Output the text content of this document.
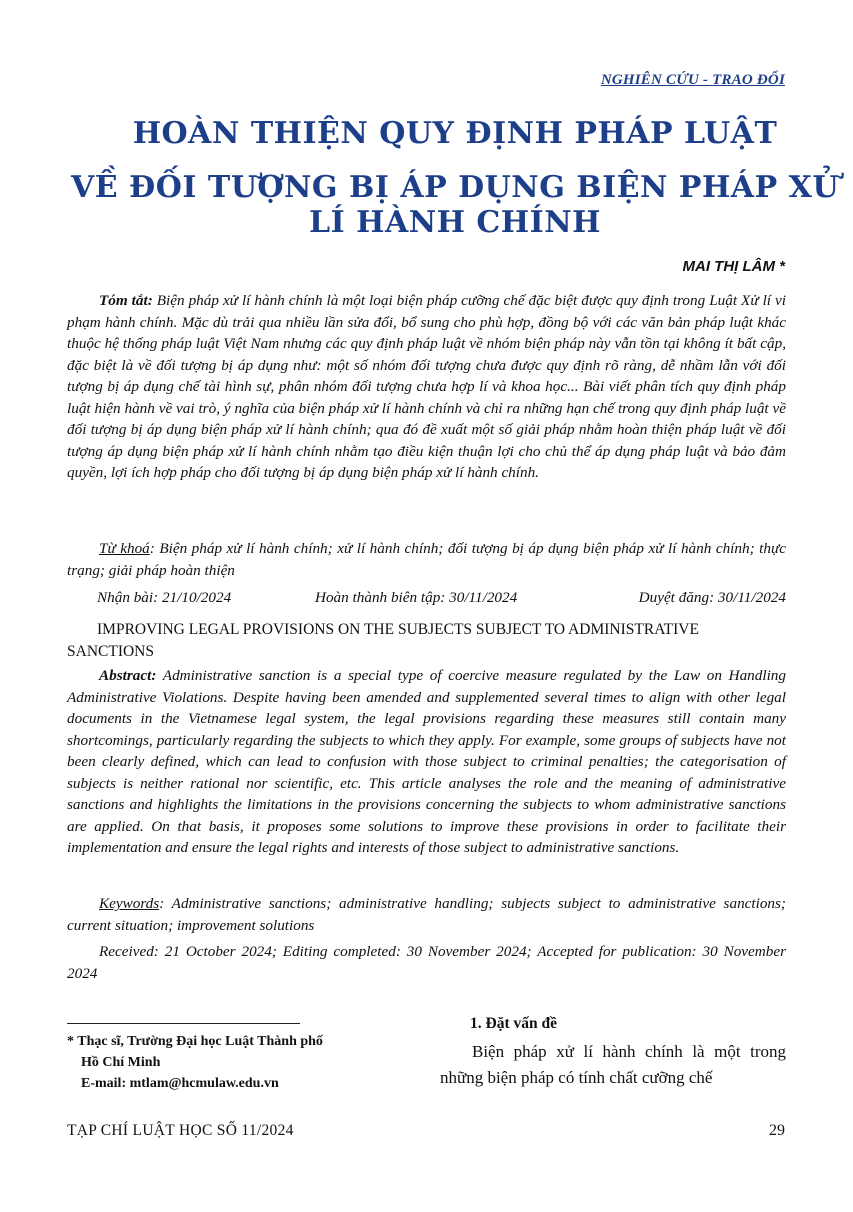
NGHIÊN CỨU - TRAO ĐỔI
HOÀN THIỆN QUY ĐỊNH PHÁP LUẬT
VỀ ĐỐI TƯỢNG BỊ ÁP DỤNG BIỆN PHÁP XỬ LÍ HÀNH CHÍNH
MAI THỊ LÂM *
Tóm tắt: Biện pháp xử lí hành chính là một loại biện pháp cưỡng chế đặc biệt được quy định trong Luật Xử lí vi phạm hành chính. Mặc dù trải qua nhiều lần sửa đổi, bổ sung cho phù hợp, đồng bộ với các văn bản pháp luật khác thuộc hệ thống pháp luật Việt Nam nhưng các quy định pháp luật về nhóm biện pháp này vẫn tồn tại không ít bất cập, đặc biệt là về đối tượng bị áp dụng như: một số nhóm đối tượng chưa được quy định rõ ràng, dễ nhầm lẫn với đối tượng bị áp dụng chế tài hình sự, phân nhóm đối tượng chưa hợp lí và khoa học... Bài viết phân tích quy định pháp luật hiện hành về vai trò, ý nghĩa của biện pháp xử lí hành chính và chỉ ra những hạn chế trong quy định pháp luật về đối tượng bị áp dụng biện pháp xử lí hành chính; qua đó đề xuất một số giải pháp nhằm hoàn thiện pháp luật về đối tượng áp dụng biện pháp xử lí hành chính nhằm tạo điều kiện thuận lợi cho chủ thể áp dụng pháp luật và bảo đảm quyền, lợi ích hợp pháp cho đối tượng bị áp dụng biện pháp xử lí hành chính.
Từ khoá: Biện pháp xử lí hành chính; xử lí hành chính; đối tượng bị áp dụng biện pháp xử lí hành chính; thực trạng; giải pháp hoàn thiện
Nhận bài: 21/10/2024	Hoàn thành biên tập: 30/11/2024	Duyệt đăng: 30/11/2024
IMPROVING LEGAL PROVISIONS ON THE SUBJECTS SUBJECT TO ADMINISTRATIVE SANCTIONS
Abstract: Administrative sanction is a special type of coercive measure regulated by the Law on Handling Administrative Violations. Despite having been amended and supplemented several times to align with other legal documents in the Vietnamese legal system, the legal provisions regarding these measures still contain many shortcomings, particularly regarding the subjects to which they apply. For example, some groups of subjects have not been clearly defined, which can lead to confusion with those subject to criminal penalties; the categorisation of subjects is neither rational nor scientific, etc. This article analyses the role and the meaning of administrative sanctions and highlights the limitations in the provisions concerning the subjects to whom administrative sanctions are applied. On that basis, it proposes some solutions to improve these provisions in order to facilitate their implementation and ensure the legal rights and interests of those subject to administrative sanctions.
Keywords: Administrative sanctions; administrative handling; subjects subject to administrative sanctions; current situation; improvement solutions
Received: 21 October 2024; Editing completed: 30 November 2024; Accepted for publication: 30 November 2024
* Thạc sĩ, Trường Đại học Luật Thành phố
Hồ Chí Minh
E-mail: mtlam@hcmulaw.edu.vn
1. Đặt vấn đề
Biện pháp xử lí hành chính là một trong những biện pháp có tính chất cưỡng chế
TẠP CHÍ LUẬT HỌC SỐ 11/2024	29
